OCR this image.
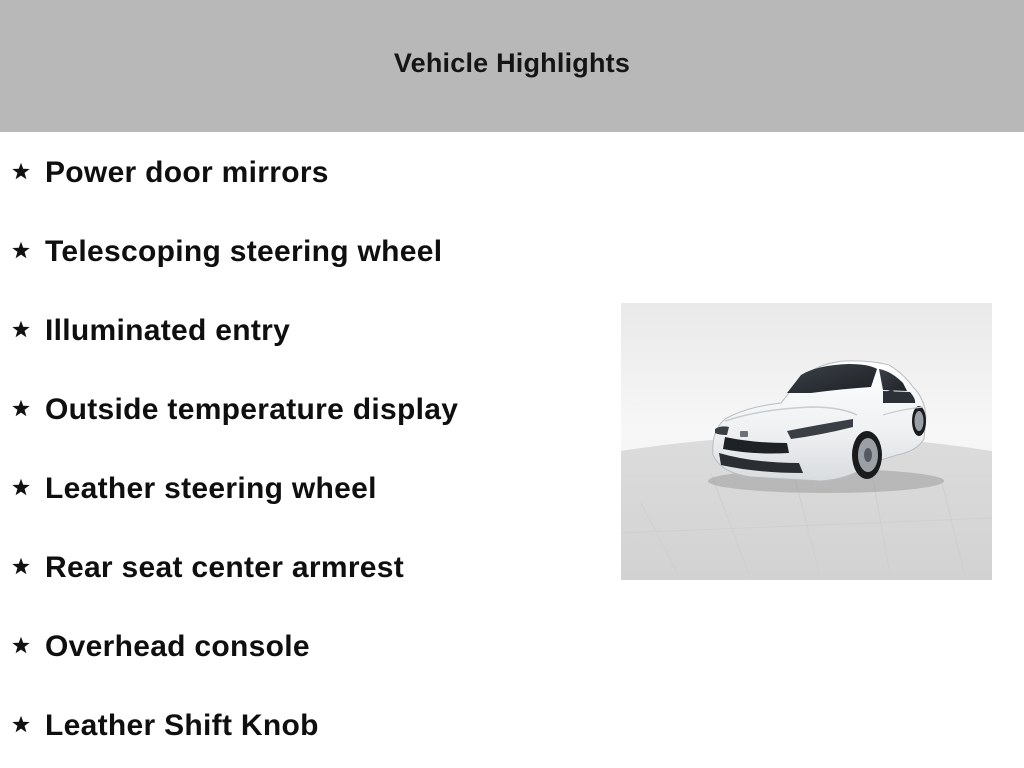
Vehicle Highlights
Power door mirrors
Telescoping steering wheel
Illuminated entry
Outside temperature display
Leather steering wheel
Rear seat center armrest
Overhead console
Leather Shift Knob
